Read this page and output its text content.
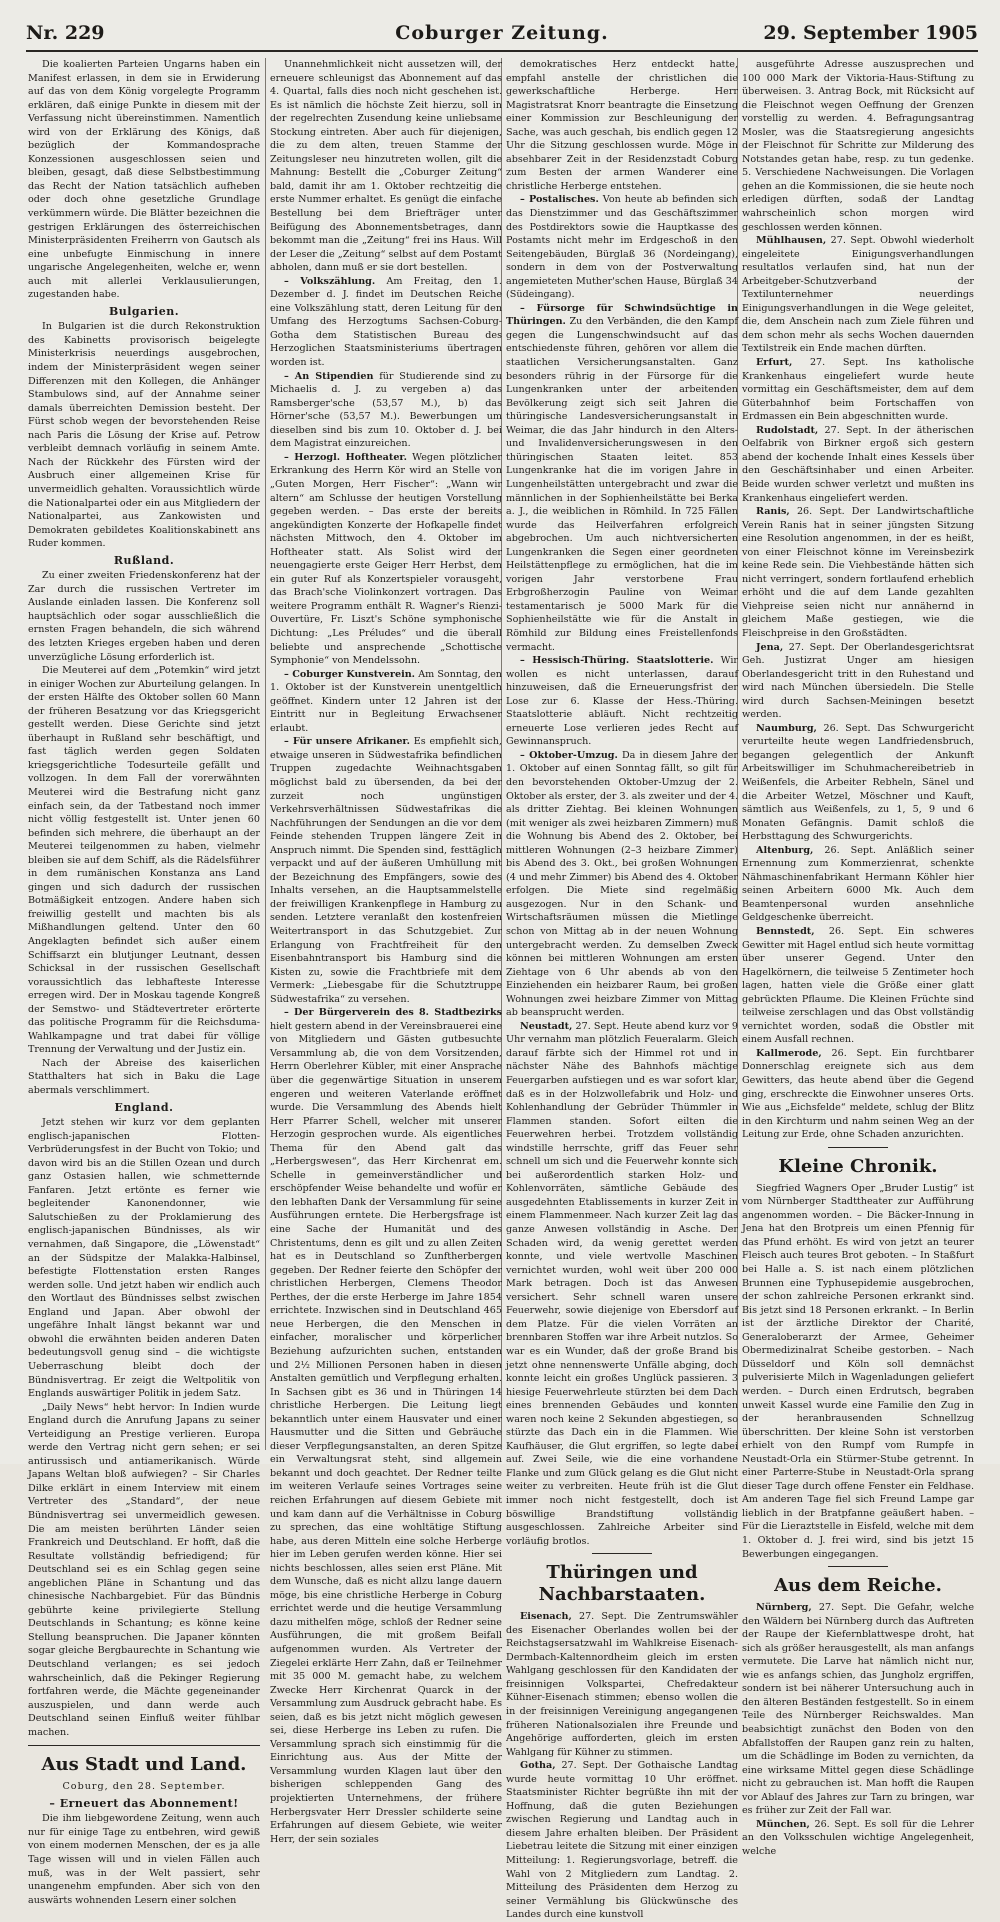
Nr. 229	Coburger Zeitung.	29. September 1905

Die koalierten Parteien Ungarns haben ein Manifest erlassen, in dem sie in Erwiderung auf das von dem König vorgelegte Programm erklären, daß einige Punkte in diesem mit der Verfassung nicht übereinstimmen. Namentlich wird von der Erklärung des Königs, daß bezüglich der Kommandosprache Konzessionen ausgeschlossen seien und bleiben, gesagt, daß diese Selbstbestimmung das Recht der Nation tatsächlich aufheben oder doch ohne gesetzliche Grundlage verkümmern würde. Die Blätter bezeichnen die gestrigen Erklärungen des österreichischen Ministerpräsidenten Freiherrn von Gautsch als eine unbefugte Einmischung in innere ungarische Angelegenheiten, welche er, wenn auch mit allerlei Verklausulierungen, zugestanden habe.

Bulgarien.

In Bulgarien ist die durch Rekonstruktion des Kabinetts provisorisch beigelegte Ministerkrisis neuerdings ausgebrochen, indem der Ministerpräsident wegen seiner Differenzen mit den Kollegen, die Anhänger Stambulows sind, auf der Annahme seiner damals überreichten Demission besteht. Der Fürst schob wegen der bevorstehenden Reise nach Paris die Lösung der Krise auf. Petrow verbleibt demnach vorläufig in seinem Amte. Nach der Rückkehr des Fürsten wird der Ausbruch einer allgemeinen Krise für unvermeidlich gehalten. Voraussichtlich würde die Nationalpartei oder ein aus Mitgliedern der Nationalpartei, aus Zankowisten und Demokraten gebildetes Koalitionskabinett ans Ruder kommen.

Rußland.

Zu einer zweiten Friedenskonferenz hat der Zar durch die russischen Vertreter im Auslande einladen lassen. Die Konferenz soll hauptsächlich oder sogar ausschließlich die ernsten Fragen behandeln, die sich während des letzten Krieges ergeben haben und deren unverzügliche Lösung erforderlich ist.

Die Meuterei auf dem „Potemkin“ wird jetzt in einiger Wochen zur Aburteilung gelangen. In der ersten Hälfte des Oktober sollen 60 Mann der früheren Besatzung vor das Kriegsgericht gestellt werden. Diese Gerichte sind jetzt überhaupt in Rußland sehr beschäftigt, und fast täglich werden gegen Soldaten kriegsgerichtliche Todesurteile gefällt und vollzogen. In dem Fall der vorerwähnten Meuterei wird die Bestrafung nicht ganz einfach sein, da der Tatbestand noch immer nicht völlig festgestellt ist. Unter jenen 60 befinden sich mehrere, die überhaupt an der Meuterei teilgenommen zu haben, vielmehr bleiben sie auf dem Schiff, als die Rädelsführer in dem rumänischen Konstanza ans Land gingen und sich dadurch der russischen Botmäßigkeit entzogen. Andere haben sich freiwillig gestellt und machten bis als Mißhandlungen geltend. Unter den 60 Angeklagten befindet sich außer einem Schiffsarzt ein blutjunger Leutnant, dessen Schicksal in der russischen Gesellschaft voraussichtlich das lebhafteste Interesse erregen wird. Der in Moskau tagende Kongreß der Semstwo- und Städtevertreter erörterte das politische Programm für die Reichsduma-Wahlkampagne und trat dabei für völlige Trennung der Verwaltung und der Justiz ein.

Nach der Abreise des kaiserlichen Statthalters hat sich in Baku die Lage abermals verschlimmert.

England.

Jetzt stehen wir kurz vor dem geplanten englisch-japanischen Flotten-Verbrüderungsfest in der Bucht von Tokio; und davon wird bis an die Stillen Ozean und durch ganz Ostasien hallen, wie schmetternde Fanfaren. Jetzt ertönte es ferner wie begleitender Kanonendonner, wie Salutschießen zu der Proklamierung des englisch-japanischen Bündnisses, als wir vernahmen, daß Singapore, die „Löwenstadt“ an der Südspitze der Malakka-Halbinsel, befestigte Flottenstation ersten Ranges werden solle. Und jetzt haben wir endlich auch den Wortlaut des Bündnisses selbst zwischen England und Japan. Aber obwohl der ungefähre Inhalt längst bekannt war und obwohl die erwähnten beiden anderen Daten bedeutungsvoll genug sind – die wichtigste Ueberraschung bleibt doch der Bündnisvertrag. Er zeigt die Weltpolitik von Englands auswärtiger Politik in jedem Satz.

„Daily News“ hebt hervor: In Indien wurde England durch die Anrufung Japans zu seiner Verteidigung an Prestige verlieren. Europa werde den Vertrag nicht gern sehen; er sei antirussisch und antiamerikanisch. Würde Japans Weltan bloß aufwiegen? – Sir Charles Dilke erklärt in einem Interview mit einem Vertreter des „Standard“, der neue Bündnisvertrag sei unvermeidlich gewesen. Die am meisten berührten Länder seien Frankreich und Deutschland. Er hofft, daß die Resultate vollständig befriedigend; für Deutschland sei es ein Schlag gegen seine angeblichen Pläne in Schantung und das chinesische Nachbargebiet. Für das Bündnis gebührte keine privilegierte Stellung Deutschlands in Schantung; es könne keine Stellung beanspruchen. Die Japaner könnten sogar gleiche Bergbaurechte in Schantung wie Deutschland verlangen; es sei jedoch wahrscheinlich, daß die Pekinger Regierung fortfahren werde, die Mächte gegeneinander auszuspielen, und dann werde auch Deutschland seinen Einfluß weiter fühlbar machen.

Aus Stadt und Land.
Coburg, den 28. September.
– Erneuert das Abonnement!

Die ihm liebgewordene Zeitung, wenn auch nur für einige Tage zu entbehren, wird gewiß von einem modernen Menschen, der es ja alle Tage wissen will und in vielen Fällen auch muß, was in der Welt passiert, sehr unangenehm empfunden. Aber sich von den auswärts wohnenden Lesern einer solchen

Unannehmlichkeit nicht aussetzen will, der erneuere schleunigst das Abonnement auf das 4. Quartal, falls dies noch nicht geschehen ist. Es ist nämlich die höchste Zeit hierzu, soll in der regelrechten Zusendung keine unliebsame Stockung eintreten. Aber auch für diejenigen, die zu dem alten, treuen Stamme der Zeitungsleser neu hinzutreten wollen, gilt die Mahnung: Bestellt die „Coburger Zeitung“ bald, damit ihr am 1. Oktober rechtzeitig die erste Nummer erhaltet. Es genügt die einfache Bestellung bei dem Briefträger unter Beifügung des Abonnementsbetrages, dann bekommt man die „Zeitung“ frei ins Haus. Will der Leser die „Zeitung“ selbst auf dem Postamt abholen, dann muß er sie dort bestellen.

– Volkszählung. Am Freitag, den 1. Dezember d. J. findet im Deutschen Reiche eine Volkszählung statt, deren Leitung für den Umfang des Herzogtums Sachsen-Coburg-Gotha dem Statistischen Bureau des Herzoglichen Staatsministeriums übertragen worden ist.

– An Stipendien für Studierende sind zu Michaelis d. J. zu vergeben a) das Ramsberger'sche (53,57 M.), b) das Hörner'sche (53,57 M.). Bewerbungen um dieselben sind bis zum 10. Oktober d. J. bei dem Magistrat einzureichen.

– Herzogl. Hoftheater. Wegen plötzlicher Erkrankung des Herrn Kör wird an Stelle von „Guten Morgen, Herr Fischer“: „Wann wir altern“ am Schlusse der heutigen Vorstellung gegeben werden. – Das erste der bereits angekündigten Konzerte der Hofkapelle findet nächsten Mittwoch, den 4. Oktober im Hoftheater statt. Als Solist wird der neuengagierte erste Geiger Herr Herbst, dem ein guter Ruf als Konzertspieler vorausgeht, das Brach'sche Violinkonzert vortragen. Das weitere Programm enthält R. Wagner's Rienzi-Ouvertüre, Fr. Liszt's Schöne symphonische Dichtung: „Les Préludes“ und die überall beliebte und ansprechende „Schottische Symphonie“ von Mendelssohn.

– Coburger Kunstverein. Am Sonntag, den 1. Oktober ist der Kunstverein unentgeltlich geöffnet. Kindern unter 12 Jahren ist der Eintritt nur in Begleitung Erwachsener erlaubt.

– Für unsere Afrikaner. Es empfiehlt sich, etwaige unseren in Südwestafrika befindlichen Truppen zugedachte Weihnachtsgaben möglichst bald zu übersenden, da bei der zurzeit noch ungünstigen Verkehrsverhältnissen Südwestafrikas die Nachführungen der Sendungen an die vor dem Feinde stehenden Truppen längere Zeit in Anspruch nimmt. Die Spenden sind, festtäglich verpackt und auf der äußeren Umhüllung mit der Bezeichnung des Empfängers, sowie des Inhalts versehen, an die Hauptsammelstelle der freiwilligen Krankenpflege in Hamburg zu senden. Letztere veranlaßt den kostenfreien Weitertransport in das Schutzgebiet. Zur Erlangung von Frachtfreiheit für den Eisenbahntransport bis Hamburg sind die Kisten zu, sowie die Frachtbriefe mit dem Vermerk: „Liebesgabe für die Schutztruppe Südwestafrika“ zu versehen.

– Der Bürgerverein des 8. Stadtbezirks hielt gestern abend in der Vereinsbrauerei eine von Mitgliedern und Gästen gutbesuchte Versammlung ab, die von dem Vorsitzenden, Herrn Oberlehrer Kübler, mit einer Ansprache über die gegenwärtige Situation in unserem engeren und weiteren Vaterlande eröffnet wurde. Die Versammlung des Abends hielt Herr Pfarrer Schell, welcher mit unserer Herzogin gesprochen wurde. Als eigentliches Thema für den Abend galt das „Herbergswesen“, das Herr Kirchenrat em. Schelle in gemeinverständlicher und erschöpfender Weise behandelte und wofür er den lebhaften Dank der Versammlung für seine Ausführungen erntete. Die Herbergsfrage ist eine Sache der Humanität und des Christentums, denn es gilt und zu allen Zeiten hat es in Deutschland so Zunftherbergen gegeben. Der Redner feierte den Schöpfer der christlichen Herbergen, Clemens Theodor Perthes, der die erste Herberge im Jahre 1854 errichtete. Inzwischen sind in Deutschland 465 neue Herbergen, die den Menschen in einfacher, moralischer und körperlicher Beziehung aufzurichten suchen, entstanden und 2½ Millionen Personen haben in diesen Anstalten gemütlich und Verpflegung erhalten. In Sachsen gibt es 36 und in Thüringen 14 christliche Herbergen. Die Leitung liegt bekanntlich unter einem Hausvater und einer Hausmutter und die Sitten und Gebräuche dieser Verpflegungsanstalten, an deren Spitze ein Verwaltungsrat steht, sind allgemein bekannt und doch geachtet. Der Redner teilte im weiteren Verlaufe seines Vortrages seine reichen Erfahrungen auf diesem Gebiete mit und kam dann auf die Verhältnisse in Coburg zu sprechen, das eine wohltätige Stiftung habe, aus deren Mitteln eine solche Herberge hier im Leben gerufen werden könne. Hier sei nichts beschlossen, alles seien erst Pläne. Mit dem Wunsche, daß es nicht allzu lange dauern möge, bis eine christliche Herberge in Coburg errichtet werde und die heutige Versammlung dazu mithelfen möge, schloß der Redner seine Ausführungen, die mit großem Beifall aufgenommen wurden. Als Vertreter der Ziegelei erklärte Herr Zahn, daß er Teilnehmer mit 35 000 M. gemacht habe, zu welchem Zwecke Herr Kirchenrat Quarck in der Versammlung zum Ausdruck gebracht habe. Es seien, daß es bis jetzt nicht möglich gewesen sei, diese Herberge ins Leben zu rufen. Die Versammlung sprach sich einstimmig für die Einrichtung aus. Aus der Mitte der Versammlung wurden Klagen laut über den bisherigen schleppenden Gang des projektierten Unternehmens, der frühere Herbergsvater Herr Dressler schilderte seine Erfahrungen auf diesem Gebiete, wie weiter Herr, der sein soziales

demokratisches Herz entdeckt hatte, empfahl anstelle der christlichen die gewerkschaftliche Herberge. Herr Magistratsrat Knorr beantragte die Einsetzung einer Kommission zur Beschleunigung der Sache, was auch geschah, bis endlich gegen 12 Uhr die Sitzung geschlossen wurde. Möge in absehbarer Zeit in der Residenzstadt Coburg zum Besten der armen Wanderer eine christliche Herberge entstehen.

– Postalisches. Von heute ab befinden sich das Dienstzimmer und das Geschäftszimmer des Postdirektors sowie die Hauptkasse des Postamts nicht mehr im Erdgeschoß in den Seitengebäuden, Bürglaß 36 (Nordeingang), sondern in dem von der Postverwaltung angemieteten Muther'schen Hause, Bürglaß 34 (Südeingang).

– Fürsorge für Schwindsüchtige in Thüringen. Zu den Verbänden, die den Kampf gegen die Lungenschwindsucht auf das entschiedenste führen, gehören vor allem die staatlichen Versicherungsanstalten. Ganz besonders rührig in der Fürsorge für die Lungenkranken unter der arbeitenden Bevölkerung zeigt sich seit Jahren die thüringische Landesversicherungsanstalt in Weimar, die das Jahr hindurch in den Alters- und Invalidenversicherungswesen in den thüringischen Staaten leitet. 853 Lungenkranke hat die im vorigen Jahre in Lungenheilstätten untergebracht und zwar die männlichen in der Sophienheilstätte bei Berka a. J., die weiblichen in Römhild. In 725 Fällen wurde das Heilverfahren erfolgreich abgebrochen. Um auch nichtversicherten Lungenkranken die Segen einer geordneten Heilstättenpflege zu ermöglichen, hat die im vorigen Jahr verstorbene Frau Erbgroßherzogin Pauline von Weimar testamentarisch je 5000 Mark für die Sophienheilstätte wie für die Anstalt in Römhild zur Bildung eines Freistellenfonds vermacht.

– Hessisch-Thüring. Staatslotterie. Wir wollen es nicht unterlassen, darauf hinzuweisen, daß die Erneuerungsfrist der Lose zur 6. Klasse der Hess.-Thüring. Staatslotterie abläuft. Nicht rechtzeitig erneuerte Lose verlieren jedes Recht auf Gewinnanspruch.

– Oktober-Umzug. Da in diesem Jahre der 1. Oktober auf einen Sonntag fällt, so gilt für den bevorstehenden Oktober-Umzug der 2. Oktober als erster, der 3. als zweiter und der 4. als dritter Ziehtag. Bei kleinen Wohnungen (mit weniger als zwei heizbaren Zimmern) muß die Wohnung bis Abend des 2. Oktober, bei mittleren Wohnungen (2–3 heizbare Zimmer) bis Abend des 3. Okt., bei großen Wohnungen (4 und mehr Zimmer) bis Abend des 4. Oktober erfolgen. Die Miete sind regelmäßig ausgezogen. Nur in den Schank- und Wirtschaftsräumen müssen die Mietlinge schon von Mittag ab in der neuen Wohnung untergebracht werden. Zu demselben Zweck können bei mittleren Wohnungen am ersten Ziehtage von 6 Uhr abends ab von den Einziehenden ein heizbarer Raum, bei großen Wohnungen zwei heizbare Zimmer von Mittag ab beansprucht werden.

Neustadt, 27. Sept. Heute abend kurz vor 9 Uhr vernahm man plötzlich Feueralarm. Gleich darauf färbte sich der Himmel rot und in nächster Nähe des Bahnhofs mächtige Feuergarben aufstiegen und es war sofort klar, daß es in der Holzwollefabrik und Holz- und Kohlenhandlung der Gebrüder Thümmler in Flammen standen. Sofort eilten die Feuerwehren herbei. Trotzdem vollständig windstille herrschte, griff das Feuer sehr schnell um sich und die Feuerwehr konnte sich bei außerordentlich starken Holz- und Kohlenvorräten, sämtliche Gebäude des ausgedehnten Etablissements in kurzer Zeit in einem Flammenmeer. Nach kurzer Zeit lag das ganze Anwesen vollständig in Asche. Der Schaden wird, da wenig gerettet werden konnte, und viele wertvolle Maschinen vernichtet wurden, wohl weit über 200 000 Mark betragen. Doch ist das Anwesen versichert. Sehr schnell waren unsere Feuerwehr, sowie diejenige von Ebersdorf auf dem Platze. Für die vielen Vorräten an brennbaren Stoffen war ihre Arbeit nutzlos. So war es ein Wunder, daß der große Brand bis jetzt ohne nennenswerte Unfälle abging, doch konnte leicht ein großes Unglück passieren. 3 hiesige Feuerwehrleute stürzten bei dem Dach eines brennenden Gebäudes und konnten waren noch keine 2 Sekunden abgestiegen, so stürzte das Dach ein in die Flammen. Wie Kaufhäuser, die Glut ergriffen, so legte dabei auf. Zwei Seile, wie die eine vorhandene Flanke und zum Glück gelang es die Glut nicht weiter zu verbreiten. Heute früh ist die Glut immer noch nicht festgestellt, doch ist böswillige Brandstiftung vollständig ausgeschlossen. Zahlreiche Arbeiter sind vorläufig brotlos.

Thüringen und Nachbarstaaten.

Eisenach, 27. Sept. Die Zentrumswähler des Eisenacher Oberlandes wollen bei der Reichstagsersatzwahl im Wahlkreise Eisenach-Dermbach-Kaltennordheim gleich im ersten Wahlgang geschlossen für den Kandidaten der freisinnigen Volkspartei, Chefredakteur Kühner-Eisenach stimmen; ebenso wollen die in der freisinnigen Vereinigung angegangenen früheren Nationalsozialen ihre Freunde und Angehörige aufforderten, gleich im ersten Wahlgang für Kühner zu stimmen.

Gotha, 27. Sept. Der Gothaische Landtag wurde heute vormittag 10 Uhr eröffnet. Staatsminister Richter begrüßte ihn mit der Hoffnung, daß die guten Beziehungen zwischen Regierung und Landtag auch in diesem Jahre erhalten bleiben. Der Präsident Liebetrau leitete die Sitzung mit einer einzigen Mitteilung: 1. Regierungsvorlage, betreff. die Wahl von 2 Mitgliedern zum Landtag. 2. Mitteilung des Präsidenten dem Herzog zu seiner Vermählung bis Glückwünsche des Landes durch eine kunstvoll

ausgeführte Adresse auszusprechen und 100 000 Mark der Viktoria-Haus-Stiftung zu überweisen. 3. Antrag Bock, mit Rücksicht auf die Fleischnot wegen Oeffnung der Grenzen vorstellig zu werden. 4. Befragungsantrag Mosler, was die Staatsregierung angesichts der Fleischnot für Schritte zur Milderung des Notstandes getan habe, resp. zu tun gedenke. 5. Verschiedene Nachweisungen. Die Vorlagen gehen an die Kommissionen, die sie heute noch erledigen dürften, sodaß der Landtag wahrscheinlich schon morgen wird geschlossen werden können.

Mühlhausen, 27. Sept. Obwohl wiederholt eingeleitete Einigungsverhandlungen resultatlos verlaufen sind, hat nun der Arbeitgeber-Schutzverband der Textilunternehmer neuerdings Einigungsverhandlungen in die Wege geleitet, die, dem Anschein nach zum Ziele führen und dem schon mehr als sechs Wochen dauernden Textilstreik ein Ende machen dürften.

Erfurt, 27. Sept. Ins katholische Krankenhaus eingeliefert wurde heute vormittag ein Geschäftsmeister, dem auf dem Güterbahnhof beim Fortschaffen von Erdmassen ein Bein abgeschnitten wurde.

Rudolstadt, 27. Sept. In der ätherischen Oelfabrik von Birkner ergoß sich gestern abend der kochende Inhalt eines Kessels über den Geschäftsinhaber und einen Arbeiter. Beide wurden schwer verletzt und mußten ins Krankenhaus eingeliefert werden.

Ranis, 26. Sept. Der Landwirtschaftliche Verein Ranis hat in seiner jüngsten Sitzung eine Resolution angenommen, in der es heißt, von einer Fleischnot könne im Vereinsbezirk keine Rede sein. Die Viehbestände hätten sich nicht verringert, sondern fortlaufend erheblich erhöht und die auf dem Lande gezahlten Viehpreise seien nicht nur annähernd in gleichem Maße gestiegen, wie die Fleischpreise in den Großstädten.

Jena, 27. Sept. Der Oberlandesgerichtsrat Geh. Justizrat Unger am hiesigen Oberlandesgericht tritt in den Ruhestand und wird nach München übersiedeln. Die Stelle wird durch Sachsen-Meiningen besetzt werden.

Naumburg, 26. Sept. Das Schwurgericht verurteilte heute wegen Landfriedensbruch, begangen gelegentlich der Ankunft Arbeitswilliger im Schuhmachereibetrieb in Weißenfels, die Arbeiter Rebheln, Sänel und die Arbeiter Wetzel, Möschner und Kauft, sämtlich aus Weißenfels, zu 1, 5, 9 und 6 Monaten Gefängnis. Damit schloß die Herbsttagung des Schwurgerichts.

Altenburg, 26. Sept. Anläßlich seiner Ernennung zum Kommerzienrat, schenkte Nähmaschinenfabrikant Hermann Köhler hier seinen Arbeitern 6000 Mk. Auch dem Beamtenpersonal wurden ansehnliche Geldgeschenke überreicht.

Bennstedt, 26. Sept. Ein schweres Gewitter mit Hagel entlud sich heute vormittag über unserer Gegend. Unter den Hagelkörnern, die teilweise 5 Zentimeter hoch lagen, hatten viele die Größe einer glatt gebrückten Pflaume. Die Kleinen Früchte sind teilweise zerschlagen und das Obst vollständig vernichtet worden, sodaß die Obstler mit einem Ausfall rechnen.

Kallmerode, 26. Sept. Ein furchtbarer Donnerschlag ereignete sich aus dem Gewitters, das heute abend über die Gegend ging, erschreckte die Einwohner unseres Orts. Wie aus „Eichsfelde“ meldete, schlug der Blitz in den Kirchturm und nahm seinen Weg an der Leitung zur Erde, ohne Schaden anzurichten.

Kleine Chronik.

Siegfried Wagners Oper „Bruder Lustig“ ist vom Nürnberger Stadttheater zur Aufführung angenommen worden. – Die Bäcker-Innung in Jena hat den Brotpreis um einen Pfennig für das Pfund erhöht. Es wird von jetzt an teurer Fleisch auch teures Brot geboten. – In Staßfurt bei Halle a. S. ist nach einem plötzlichen Brunnen eine Typhusepidemie ausgebrochen, der schon zahlreiche Personen erkrankt sind. Bis jetzt sind 18 Personen erkrankt. – In Berlin ist der ärztliche Direktor der Charité, Generaloberarzt der Armee, Geheimer Obermedizinalrat Scheibe gestorben. – Nach Düsseldorf und Köln soll demnächst pulverisierte Milch in Wagenladungen geliefert werden. – Durch einen Erdrutsch, begraben unweit Kassel wurde eine Familie den Zug in der heranbrausenden Schnellzug überschritten. Der kleine Sohn ist verstorben erhielt von den Rumpf vom Rumpfe in Neustadt-Orla ein Stürmer-Stube getrennt. In einer Parterre-Stube in Neustadt-Orla sprang dieser Tage durch offene Fenster ein Feldhase. Am anderen Tage fiel sich Freund Lampe gar lieblich in der Bratpfanne geäußert haben. – Für die Lieraztstelle in Eisfeld, welche mit dem 1. Oktober d. J. frei wird, sind bis jetzt 15 Bewerbungen eingegangen.

Aus dem Reiche.

Nürnberg, 27. Sept. Die Gefahr, welche den Wäldern bei Nürnberg durch das Auftreten der Raupe der Kiefernblattwespe droht, hat sich als größer herausgestellt, als man anfangs vermutete. Die Larve hat nämlich nicht nur, wie es anfangs schien, das Jungholz ergriffen, sondern ist bei näherer Untersuchung auch in den älteren Beständen festgestellt. So in einem Teile des Nürnberger Reichswaldes. Man beabsichtigt zunächst den Boden von den Abfallstoffen der Raupen ganz rein zu halten, um die Schädlinge im Boden zu vernichten, da eine wirksame Mittel gegen diese Schädlinge nicht zu gebrauchen ist. Man hofft die Raupen vor Ablauf des Jahres zur Tarn zu bringen, war es früher zur Zeit der Fall war.

München, 26. Sept. Es soll für die Lehrer an den Volksschulen wichtige Angelegenheit, welche
